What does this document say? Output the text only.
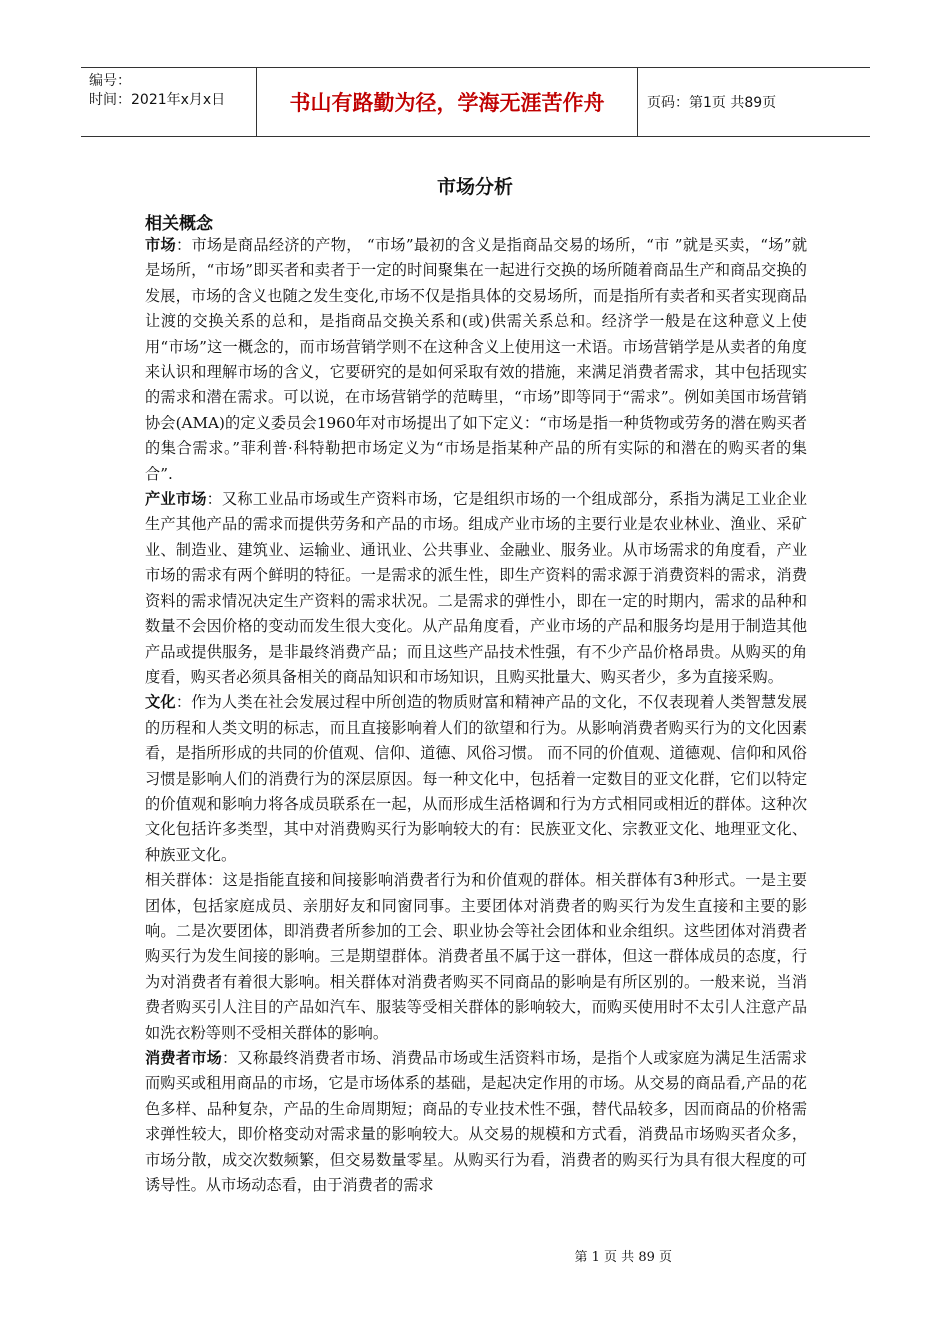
编号：
时间：2021年x月x日	书山有路勤为径，学海无涯苦作舟	页码：第1页 共89页
市场分析
相关概念

市场：市场是商品经济的产物， “市场”最初的含义是指商品交易的场所，“市 ”就是买卖，“场”就是场所，“市场”即买者和卖者于一定的时间聚集在一起进行交换的场所随着商品生产和商品交换的发展，市场的含义也随之发生变化,市场不仅是指具体的交易场所，而是指所有卖者和买者实现商品让渡的交换关系的总和，是指商品交换关系和(或)供需关系总和。经济学一般是在这种意义上使用“市场”这一概念的，而市场营销学则不在这种含义上使用这一术语。市场营销学是从卖者的角度来认识和理解市场的含义，它要研究的是如何采取有效的措施，来满足消费者需求，其中包括现实的需求和潜在需求。可以说，在市场营销学的范畴里，“市场”即等同于“需求”。例如美国市场营销协会(AMA)的定义委员会1960年对市场提出了如下定义：“市场是指一种货物或劳务的潜在购买者的集合需求。”菲利普·科特勒把市场定义为“市场是指某种产品的所有实际的和潜在的购买者的集合”.

产业市场：又称工业品市场或生产资料市场，它是组织市场的一个组成部分，系指为满足工业企业生产其他产品的需求而提供劳务和产品的市场。组成产业市场的主要行业是农业林业、渔业、采矿业、制造业、建筑业、运输业、通讯业、公共事业、金融业、服务业。从市场需求的角度看，产业市场的需求有两个鲜明的特征。一是需求的派生性，即生产资料的需求源于消费资料的需求，消费资料的需求情况决定生产资料的需求状况。二是需求的弹性小，即在一定的时期内，需求的品种和数量不会因价格的变动而发生很大变化。从产品角度看，产业市场的产品和服务均是用于制造其他产品或提供服务，是非最终消费产品；而且这些产品技术性强，有不少产品价格昂贵。从购买的角度看，购买者必须具备相关的商品知识和市场知识，且购买批量大、购买者少，多为直接采购。

文化：作为人类在社会发展过程中所创造的物质财富和精神产品的文化，不仅表现着人类智慧发展的历程和人类文明的标志，而且直接影响着人们的欲望和行为。从影响消费者购买行为的文化因素看，是指所形成的共同的价值观、信仰、道德、风俗习惯。 而不同的价值观、道德观、信仰和风俗习惯是影响人们的消费行为的深层原因。每一种文化中，包括着一定数目的亚文化群，它们以特定的价值观和影响力将各成员联系在一起，从而形成生活格调和行为方式相同或相近的群体。这种次文化包括许多类型，其中对消费购买行为影响较大的有：民族亚文化、宗教亚文化、地理亚文化、种族亚文化。

相关群体：这是指能直接和间接影响消费者行为和价值观的群体。相关群体有3种形式。一是主要团体，包括家庭成员、亲朋好友和同窗同事。主要团体对消费者的购买行为发生直接和主要的影响。二是次要团体，即消费者所参加的工会、职业协会等社会团体和业余组织。这些团体对消费者购买行为发生间接的影响。三是期望群体。消费者虽不属于这一群体，但这一群体成员的态度，行为对消费者有着很大影响。相关群体对消费者购买不同商品的影响是有所区别的。一般来说，当消费者购买引人注目的产品如汽车、服装等受相关群体的影响较大，而购买使用时不太引人注意产品如洗衣粉等则不受相关群体的影响。

消费者市场：又称最终消费者市场、消费品市场或生活资料市场，是指个人或家庭为满足生活需求而购买或租用商品的市场，它是市场体系的基础，是起决定作用的市场。从交易的商品看,产品的花色多样、品种复杂，产品的生命周期短；商品的专业技术性不强，替代品较多，因而商品的价格需求弹性较大，即价格变动对需求量的影响较大。从交易的规模和方式看，消费品市场购买者众多，市场分散，成交次数频繁，但交易数量零星。从购买行为看，消费者的购买行为具有很大程度的可诱导性。从市场动态看，由于消费者的需求

第 1 页 共 89 页
